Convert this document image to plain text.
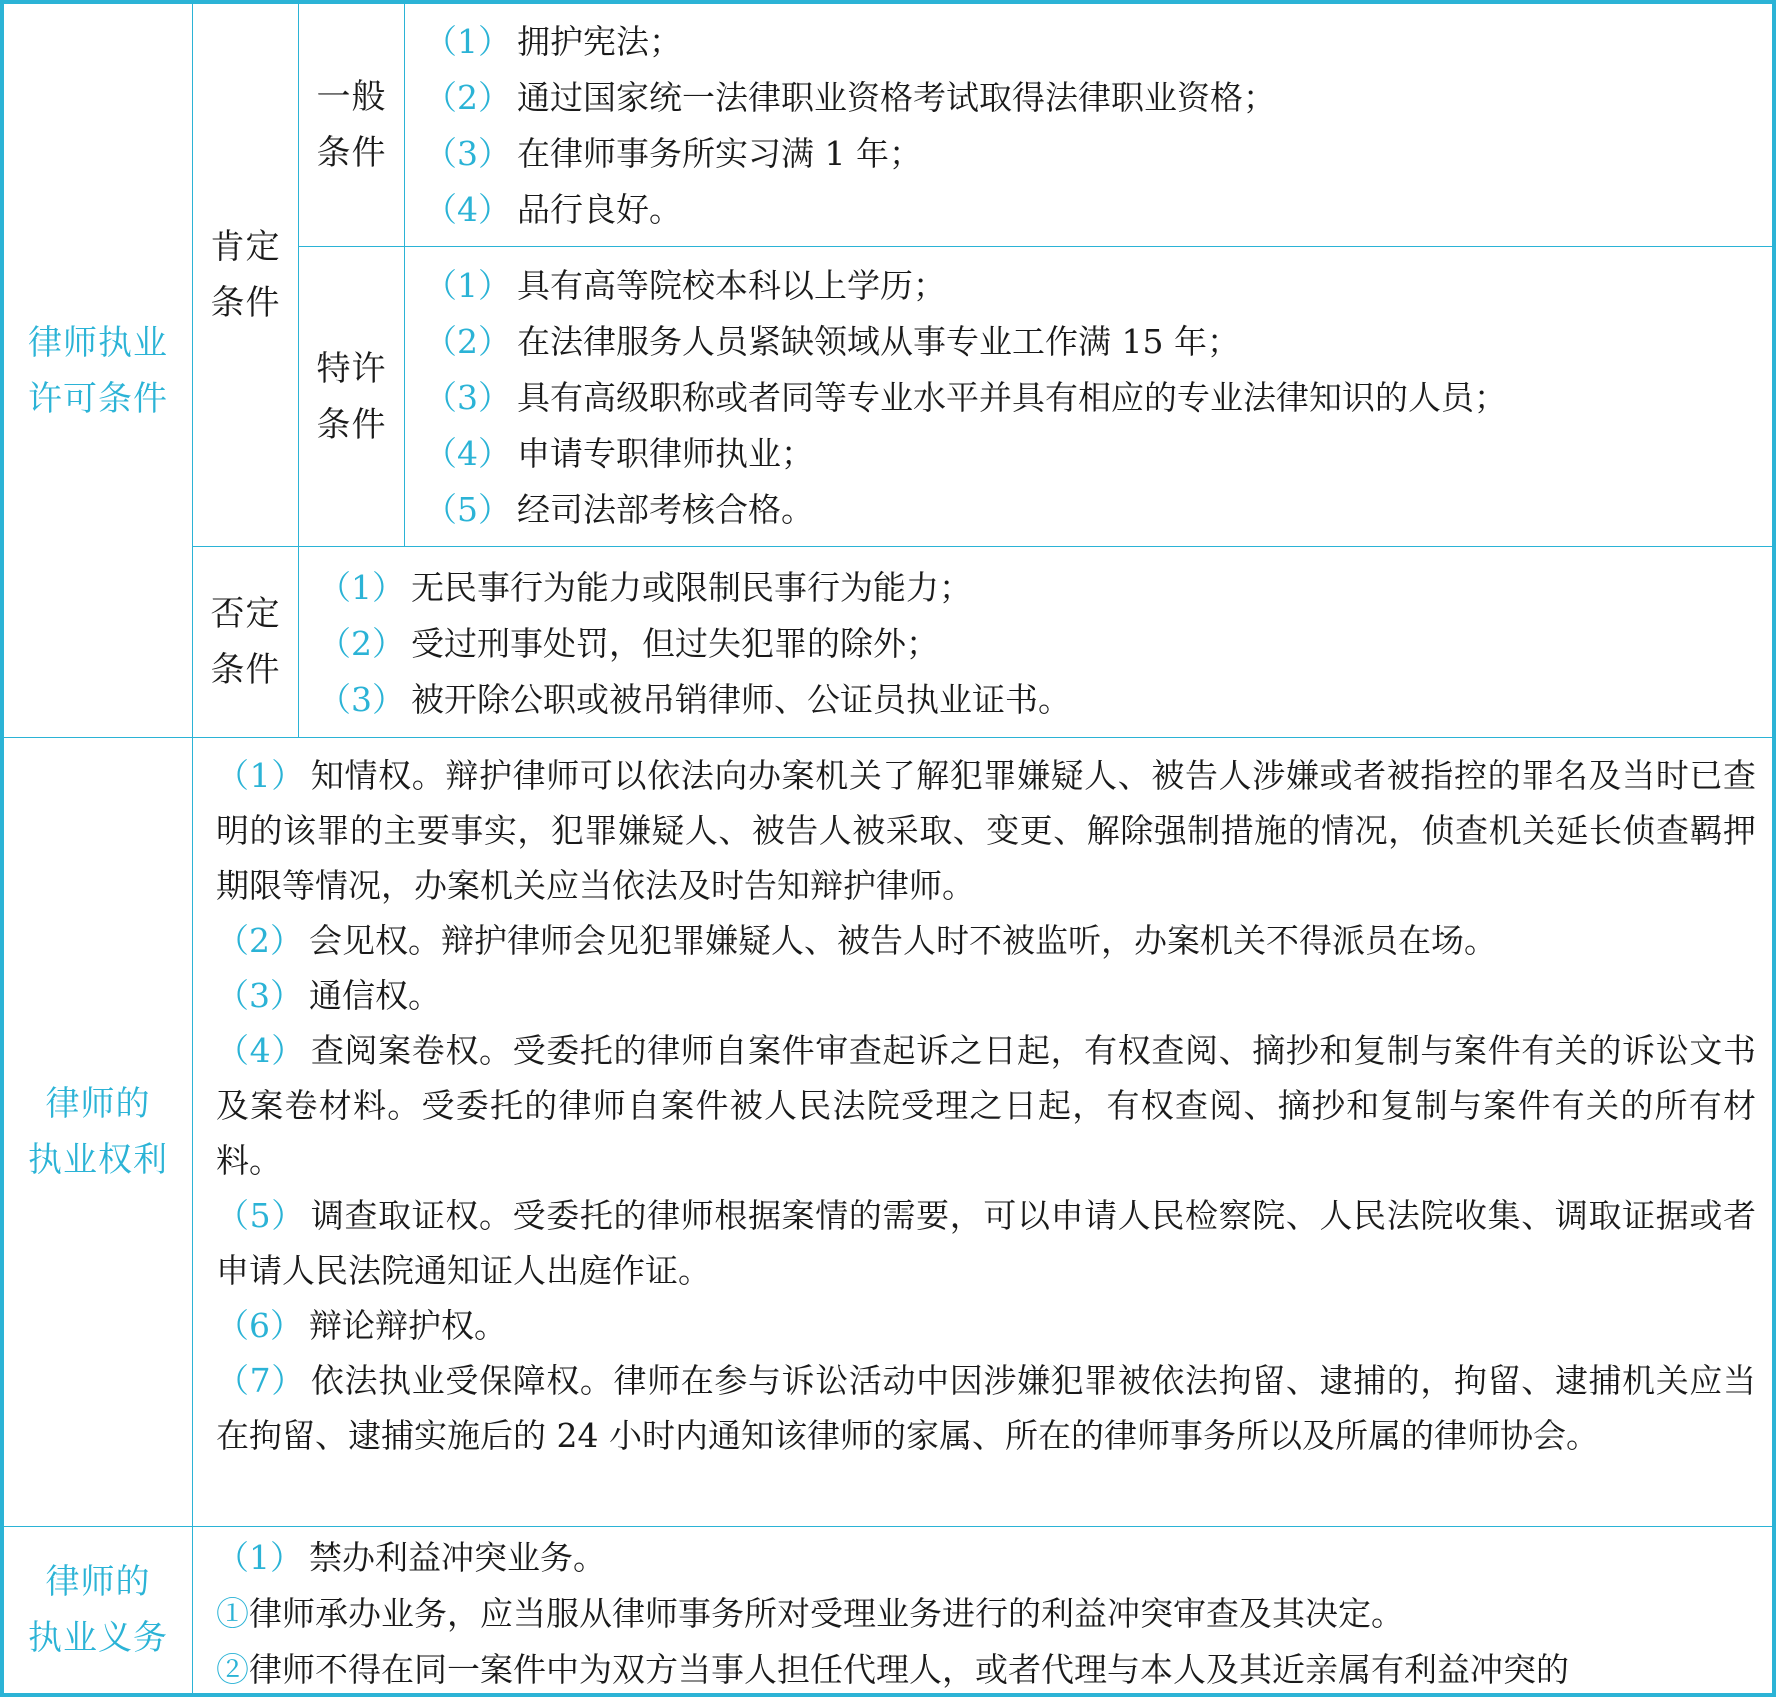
律师执业
许可条件
肯定
条件
一般
条件
（1） 拥护宪法；
（2） 通过国家统一法律职业资格考试取得法律职业资格；
（3） 在律师事务所实习满 1 年；
（4） 品行良好。
特许
条件
（1） 具有高等院校本科以上学历；
（2） 在法律服务人员紧缺领域从事专业工作满 15 年；
（3） 具有高级职称或者同等专业水平并具有相应的专业法律知识的人员；
（4） 申请专职律师执业；
（5） 经司法部考核合格。
否定
条件
（1） 无民事行为能力或限制民事行为能力；
（2） 受过刑事处罚，但过失犯罪的除外；
（3） 被开除公职或被吊销律师、公证员执业证书。
律师的
执业权利
（1） 知情权。辩护律师可以依法向办案机关了解犯罪嫌疑人、被告人涉嫌或者被指控的罪名及当时已查明的该罪的主要事实，犯罪嫌疑人、被告人被采取、变更、解除强制措施的情况，侦查机关延长侦查羁押期限等情况，办案机关应当依法及时告知辩护律师。
（2） 会见权。辩护律师会见犯罪嫌疑人、被告人时不被监听，办案机关不得派员在场。
（3） 通信权。
（4） 查阅案卷权。受委托的律师自案件审查起诉之日起，有权查阅、摘抄和复制与案件有关的诉讼文书及案卷材料。受委托的律师自案件被人民法院受理之日起，有权查阅、摘抄和复制与案件有关的所有材料。
（5） 调查取证权。受委托的律师根据案情的需要，可以申请人民检察院、人民法院收集、调取证据或者申请人民法院通知证人出庭作证。
（6） 辩论辩护权。
（7） 依法执业受保障权。律师在参与诉讼活动中因涉嫌犯罪被依法拘留、逮捕的，拘留、逮捕机关应当在拘留、逮捕实施后的 24 小时内通知该律师的家属、所在的律师事务所以及所属的律师协会。
律师的
执业义务
（1） 禁办利益冲突业务。
①律师承办业务，应当服从律师事务所对受理业务进行的利益冲突审查及其决定。
②律师不得在同一案件中为双方当事人担任代理人，或者代理与本人及其近亲属有利益冲突的
